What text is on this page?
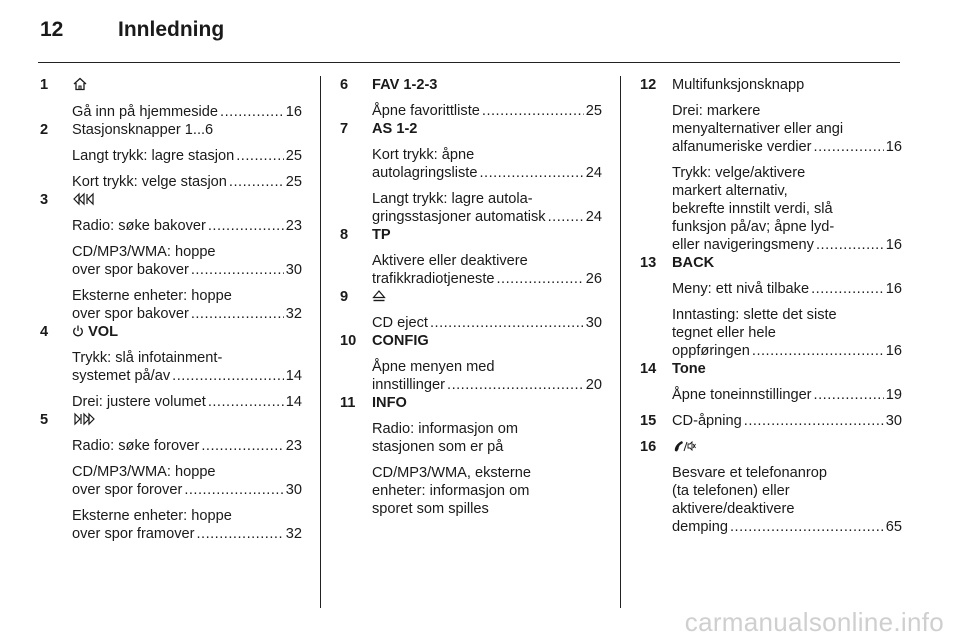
12	Innledning
1
Gå inn på hjemmeside .....	16
2 Stasjonsknapper 1...6
Langt trykk: lagre stasjon .....	25
Kort trykk: velge stasjon .....	25
3
Radio: søke bakover .....	23
CD/MP3/WMA: hoppe
over spor bakover .....	30
Eksterne enheter: hoppe
over spor bakover .....	32
4	VOL
Trykk: slå infotainment-
systemet på/av .....	14
Drei: justere volumet .....	14
5
Radio: søke forover .....	23
CD/MP3/WMA: hoppe
over spor forover .....	30
Eksterne enheter: hoppe
over spor framover .....	32
6 FAV 1-2-3
Åpne favorittliste .....	25
7 AS 1-2
Kort trykk: åpne
autolagringsliste .....	24
Langt trykk: lagre autola-
gringsstasjoner automatisk .....	24
8 TP
Aktivere eller deaktivere
trafikkradiotjeneste .....	26
9
CD eject .....	30
10 CONFIG
Åpne menyen med
innstillinger .....	20
11 INFO
Radio: informasjon om
stasjonen som er på
CD/MP3/WMA, eksterne
enheter: informasjon om
sporet som spilles
12 Multifunksjonsknapp
Drei: markere
menyalternativer eller angi
alfanumeriske verdier .....	16
Trykk: velge/aktivere
markert alternativ,
bekrefte innstilt verdi, slå
funksjon på/av; åpne lyd-
eller navigeringsmeny .....	16
13 BACK
Meny: ett nivå tilbake .....	16
Inntasting: slette det siste
tegnet eller hele
oppføringen .....	16
14 Tone
Åpne toneinnstillinger .....	19
15 CD-åpning .....	30
16
Besvare et telefonanrop
(ta telefonen) eller
aktivere/deaktivere
demping .....	65
carmanualsonline.info
